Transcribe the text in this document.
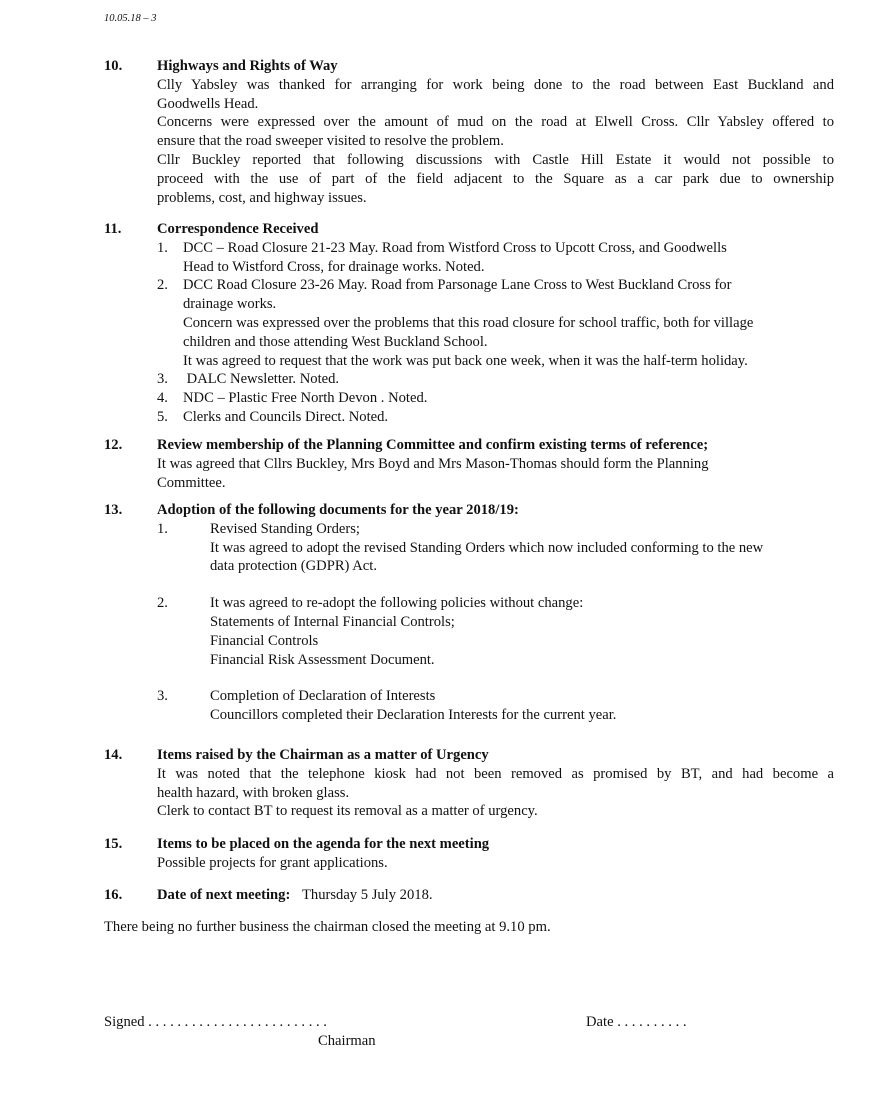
10.05.18 – 3
10. Highways and Rights of Way
Clly Yabsley was thanked for arranging for work being done to the road between East Buckland and
Goodwells Head.
Concerns were expressed over the amount of mud on the road at Elwell Cross. Cllr Yabsley offered to
ensure that the road sweeper visited to resolve the problem.
Cllr Buckley reported that following discussions with Castle Hill Estate it would not possible to
proceed with the use of part of the field adjacent to the Square as a car park due to ownership
problems, cost, and highway issues.
11. Correspondence Received
1. DCC – Road Closure 21-23 May. Road from Wistford Cross to Upcott Cross, and Goodwells
Head to Wistford Cross, for drainage works. Noted.
2. DCC Road Closure 23-26 May. Road from Parsonage Lane Cross to West Buckland Cross for
drainage works.
Concern was expressed over the problems that this road closure for school traffic, both for village
children and those attending West Buckland School.
It was agreed to request that the work was put back one week, when it was the half-term holiday.
3. DALC Newsletter. Noted.
4. NDC – Plastic Free North Devon . Noted.
5. Clerks and Councils Direct. Noted.
12. Review membership of the Planning Committee and confirm existing terms of reference;
It was agreed that Cllrs Buckley, Mrs Boyd and Mrs Mason-Thomas should form the Planning
Committee.
13. Adoption of the following documents for the year 2018/19:
1.	Revised Standing Orders;
It was agreed to adopt the revised Standing Orders which now included conforming to the new
data protection (GDPR) Act.
2.	It was agreed to re-adopt the following policies without change:
Statements of Internal Financial Controls;
Financial Controls
Financial Risk Assessment Document.
3.	Completion of Declaration of Interests
Councillors completed their Declaration Interests for the current year.
14. Items raised by the Chairman as a matter of Urgency
It was noted that the telephone kiosk had not been removed as promised by BT, and had become a
health hazard, with broken glass.
Clerk to contact BT to request its removal as a matter of urgency.
15. Items to be placed on the agenda for the next meeting
Possible projects for grant applications.
16. Date of next meeting: Thursday 5 July 2018.
There being no further business the chairman closed the meeting at 9.10 pm.
Signed . . . . . . . . . . . . . . . . . . . . . . . . .
Chairman
Date . . . . . . . . . .
